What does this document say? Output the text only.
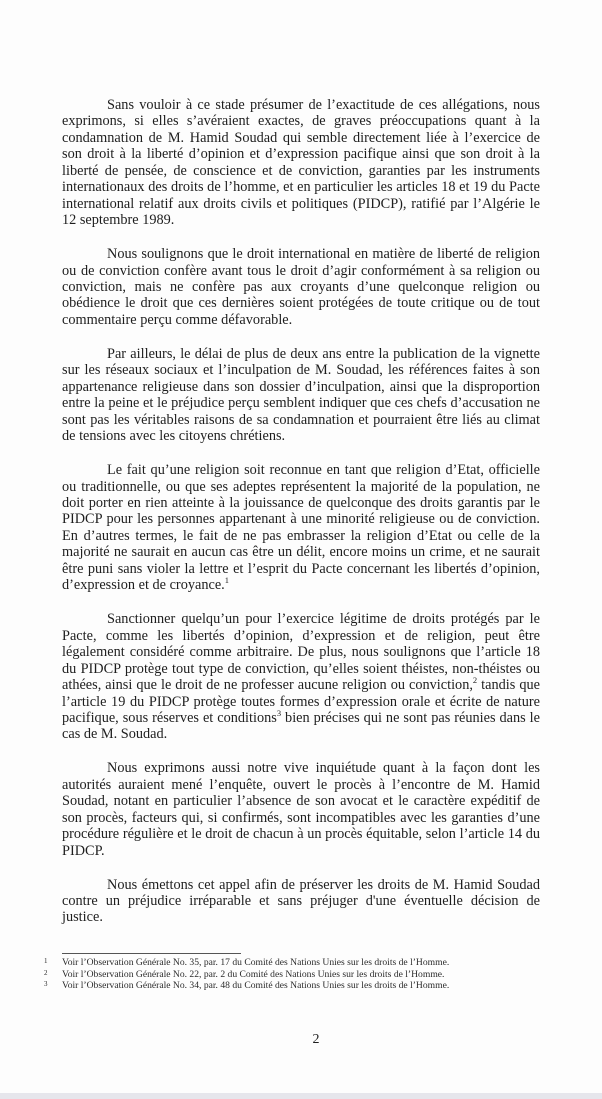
Sans vouloir à ce stade présumer de l’exactitude de ces allégations, nous exprimons, si elles s’avéraient exactes, de graves préoccupations quant à la condamnation de M. Hamid Soudad qui semble directement liée à l’exercice de son droit à la liberté d’opinion et d’expression pacifique ainsi que son droit à la liberté de pensée, de conscience et de conviction, garanties par les instruments internationaux des droits de l’homme, et en particulier les articles 18 et 19 du Pacte international relatif aux droits civils et politiques (PIDCP), ratifié par l’Algérie le 12 septembre 1989.

Nous soulignons que le droit international en matière de liberté de religion ou de conviction confère avant tous le droit d’agir conformément à sa religion ou conviction, mais ne confère pas aux croyants d’une quelconque religion ou obédience le droit que ces dernières soient protégées de toute critique ou de tout commentaire perçu comme défavorable.

Par ailleurs, le délai de plus de deux ans entre la publication de la vignette sur les réseaux sociaux et l’inculpation de M. Soudad, les références faites à son appartenance religieuse dans son dossier d’inculpation, ainsi que la disproportion entre la peine et le préjudice perçu semblent indiquer que ces chefs d’accusation ne sont pas les véritables raisons de sa condamnation et pourraient être liés au climat de tensions avec les citoyens chrétiens.

Le fait qu’une religion soit reconnue en tant que religion d’Etat, officielle ou traditionnelle, ou que ses adeptes représentent la majorité de la population, ne doit porter en rien atteinte à la jouissance de quelconque des droits garantis par le PIDCP pour les personnes appartenant à une minorité religieuse ou de conviction. En d’autres termes, le fait de ne pas embrasser la religion d’Etat ou celle de la majorité ne saurait en aucun cas être un délit, encore moins un crime, et ne saurait être puni sans violer la lettre et l’esprit du Pacte concernant les libertés d’opinion, d’expression et de croyance.$^1$

Sanctionner quelqu’un pour l’exercice légitime de droits protégés par le Pacte, comme les libertés d’opinion, d’expression et de religion, peut être légalement considéré comme arbitraire. De plus, nous soulignons que l’article 18 du PIDCP protège tout type de conviction, qu’elles soient théistes, non-théistes ou athées, ainsi que le droit de ne professer aucune religion ou conviction,$^2$ tandis que l’article 19 du PIDCP protège toutes formes d’expression orale et écrite de nature pacifique, sous réserves et conditions$^3$ bien précises qui ne sont pas réunies dans le cas de M. Soudad.

Nous exprimons aussi notre vive inquiétude quant à la façon dont les autorités auraient mené l’enquête, ouvert le procès à l’encontre de M. Hamid Soudad, notant en particulier l’absence de son avocat et le caractère expéditif de son procès, facteurs qui, si confirmés, sont incompatibles avec les garanties d’une procédure régulière et le droit de chacun à un procès équitable, selon l’article 14 du PIDCP.

Nous émettons cet appel afin de préserver les droits de M. Hamid Soudad contre un préjudice irréparable et sans préjuger d'une éventuelle décision de justice.

1	Voir l’Observation Générale No. 35, par. 17 du Comité des Nations Unies sur les droits de l’Homme.
2	Voir l’Observation Générale No. 22, par. 2 du Comité des Nations Unies sur les droits de l’Homme.
3	Voir l’Observation Générale No. 34, par. 48 du Comité des Nations Unies sur les droits de l’Homme.
2
